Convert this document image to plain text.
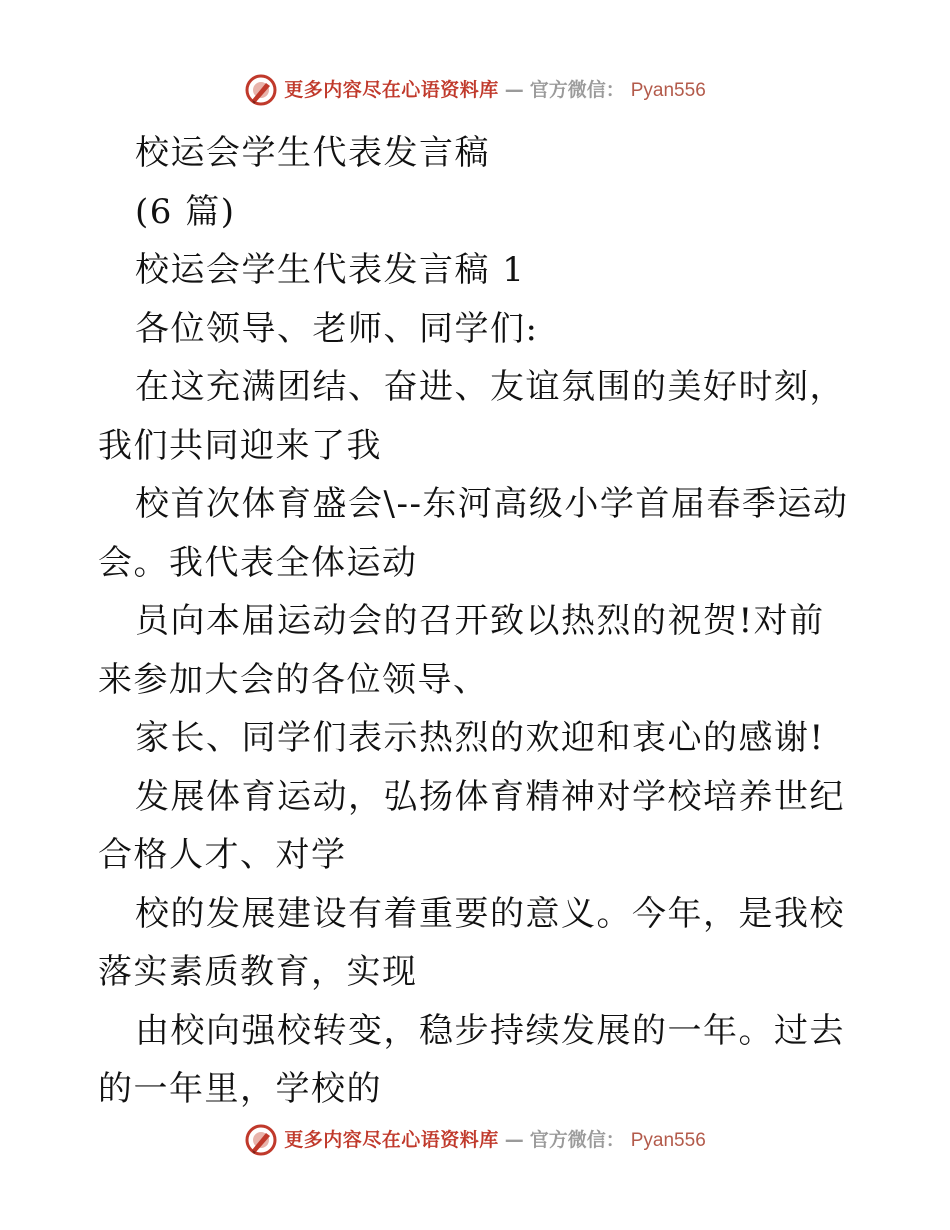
更多内容尽在心语资料库 — 官方微信： Pyan556

校运会学生代表发言稿

(6 篇)

校运会学生代表发言稿 1

各位领导、老师、同学们:

在这充满团结、奋进、友谊氛围的美好时刻，我们共同迎来了我

校首次体育盛会\--东河高级小学首届春季运动会。我代表全体运动

员向本届运动会的召开致以热烈的祝贺!对前来参加大会的各位领导、

家长、同学们表示热烈的欢迎和衷心的感谢!

发展体育运动，弘扬体育精神对学校培养世纪合格人才、对学

校的发展建设有着重要的意义。今年，是我校落实素质教育，实现

由校向强校转变，稳步持续发展的一年。过去的一年里，学校的

更多内容尽在心语资料库 — 官方微信： Pyan556
